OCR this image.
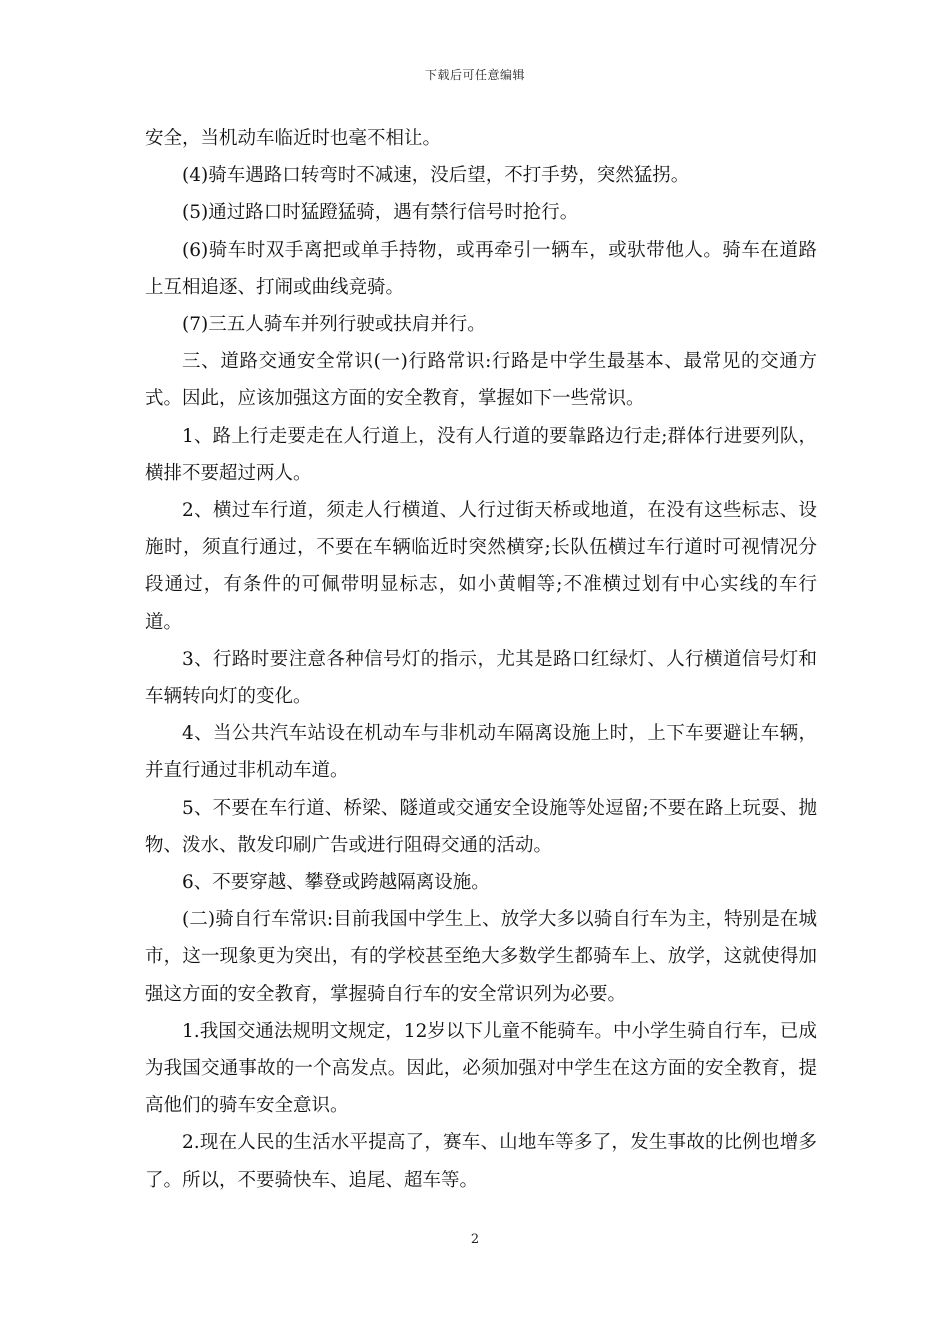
下载后可任意编辑

安全，当机动车临近时也毫不相让。

(4)骑车遇路口转弯时不减速，没后望，不打手势，突然猛拐。

(5)通过路口时猛蹬猛骑，遇有禁行信号时抢行。

(6)骑车时双手离把或单手持物，或再牵引一辆车，或驮带他人。骑车在道路上互相追逐、打闹或曲线竞骑。

(7)三五人骑车并列行驶或扶肩并行。

三、道路交通安全常识(一)行路常识:行路是中学生最基本、最常见的交通方式。因此，应该加强这方面的安全教育，掌握如下一些常识。

1、路上行走要走在人行道上，没有人行道的要靠路边行走;群体行进要列队，横排不要超过两人。

2、横过车行道，须走人行横道、人行过街天桥或地道，在没有这些标志、设施时，须直行通过，不要在车辆临近时突然横穿;长队伍横过车行道时可视情况分段通过，有条件的可佩带明显标志，如小黄帽等;不准横过划有中心实线的车行道。

3、行路时要注意各种信号灯的指示，尤其是路口红绿灯、人行横道信号灯和车辆转向灯的变化。

4、当公共汽车站设在机动车与非机动车隔离设施上时，上下车要避让车辆，并直行通过非机动车道。

5、不要在车行道、桥梁、隧道或交通安全设施等处逗留;不要在路上玩耍、抛物、泼水、散发印刷广告或进行阻碍交通的活动。

6、不要穿越、攀登或跨越隔离设施。

(二)骑自行车常识:目前我国中学生上、放学大多以骑自行车为主，特别是在城市，这一现象更为突出，有的学校甚至绝大多数学生都骑车上、放学，这就使得加强这方面的安全教育，掌握骑自行车的安全常识列为必要。

1.我国交通法规明文规定，12岁以下儿童不能骑车。中小学生骑自行车，已成为我国交通事故的一个高发点。因此，必须加强对中学生在这方面的安全教育，提高他们的骑车安全意识。

2.现在人民的生活水平提高了，赛车、山地车等多了，发生事故的比例也增多了。所以，不要骑快车、追尾、超车等。

2
